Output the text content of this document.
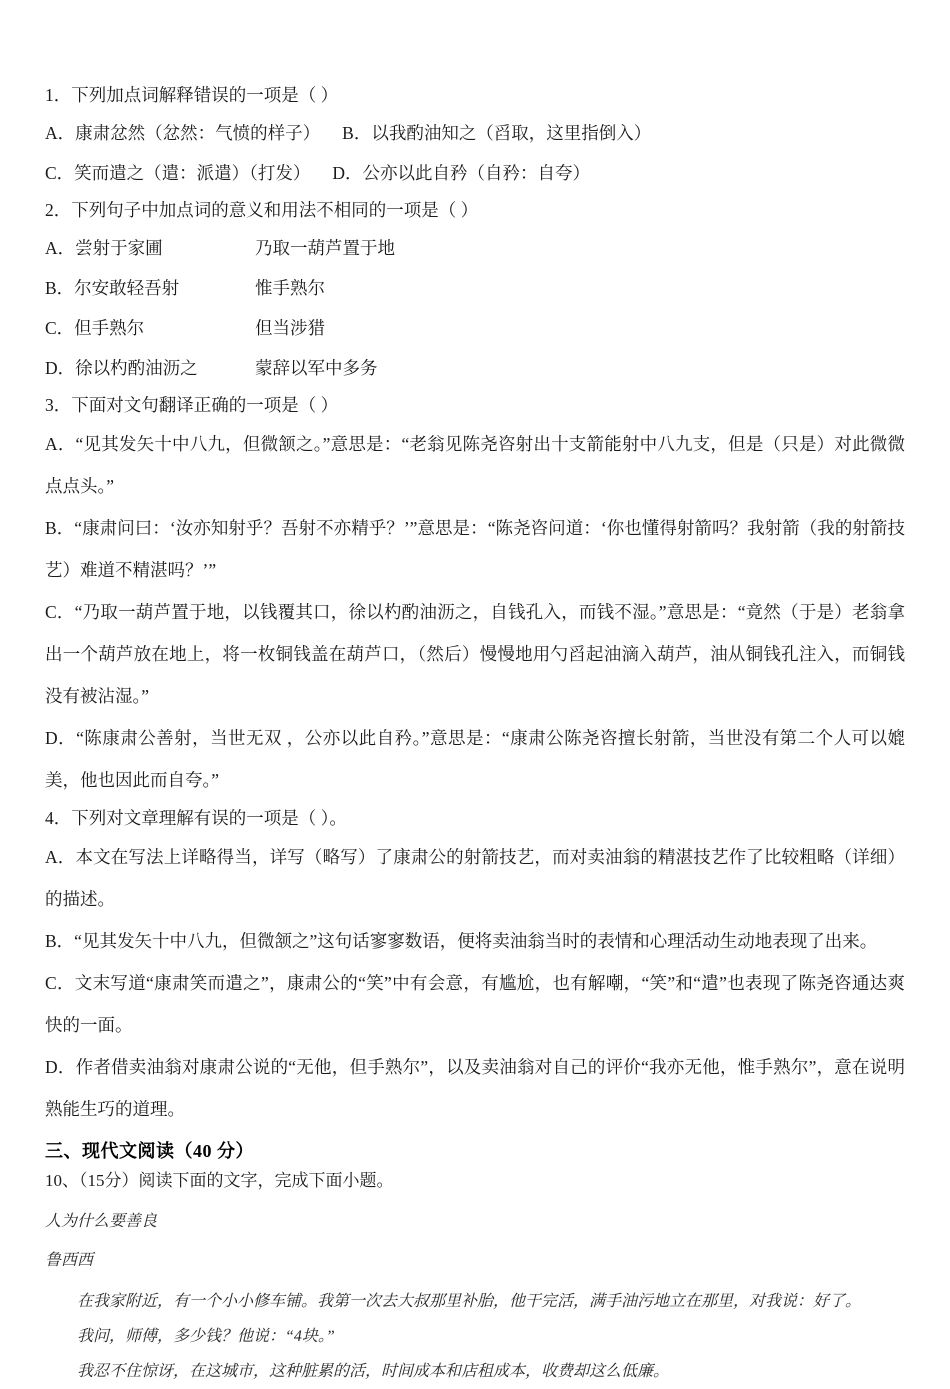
1．下列加点词解释错误的一项是（ ）

A．康肃忿然（忿然：气愤的样子） B．以我酌油知之（舀取，这里指倒入）

C．笑而遣之（遣：派遣）（打发） D．公亦以此自矜（自矜：自夸）

2．下列句子中加点词的意义和用法不相同的一项是（ ）

A．尝射于家圃	乃取一葫芦置于地

B．尔安敢轻吾射	惟手熟尔

C．但手熟尔	但当涉猎

D．徐以杓酌油沥之	蒙辞以军中多务

3．下面对文句翻译正确的一项是（ ）

A．“见其发矢十中八九，但微颔之。”意思是：“老翁见陈尧咨射出十支箭能射中八九支，但是（只是）对此微微点点头。”

B．“康肃问曰：‘汝亦知射乎？吾射不亦精乎？’”意思是：“陈尧咨问道：‘你也懂得射箭吗？我射箭（我的射箭技艺）难道不精湛吗？’”

C．“乃取一葫芦置于地，以钱覆其口，徐以杓酌油沥之，自钱孔入，而钱不湿。”意思是：“竟然（于是）老翁拿出一个葫芦放在地上，将一枚铜钱盖在葫芦口，（然后）慢慢地用勺舀起油滴入葫芦，油从铜钱孔注入，而铜钱没有被沾湿。”

D．“陈康肃公善射，当世无双 ，公亦以此自矜。”意思是：“康肃公陈尧咨擅长射箭，当世没有第二个人可以媲美，他也因此而自夸。”

4．下列对文章理解有误的一项是（ ）。

A．本文在写法上详略得当，详写（略写）了康肃公的射箭技艺，而对卖油翁的精湛技艺作了比较粗略（详细）的描述。

B．“见其发矢十中八九，但微颔之”这句话寥寥数语，便将卖油翁当时的表情和心理活动生动地表现了出来。

C．文末写道“康肃笑而遣之”，康肃公的“笑”中有会意，有尴尬，也有解嘲，“笑”和“遣”也表现了陈尧咨通达爽快的一面。

D．作者借卖油翁对康肃公说的“无他，但手熟尔”，以及卖油翁对自己的评价“我亦无他，惟手熟尔”，意在说明熟能生巧的道理。

三、现代文阅读（40 分）

10、（15分）阅读下面的文字，完成下面小题。

人为什么要善良

鲁西西

在我家附近，有一个小小修车铺。我第一次去大叔那里补胎，他干完活，满手油污地立在那里，对我说：好了。

我问，师傅，多少钱？他说：“4块。”

我忍不住惊讶，在这城市，这种脏累的活，时间成本和店租成本，收费却这么低廉。
